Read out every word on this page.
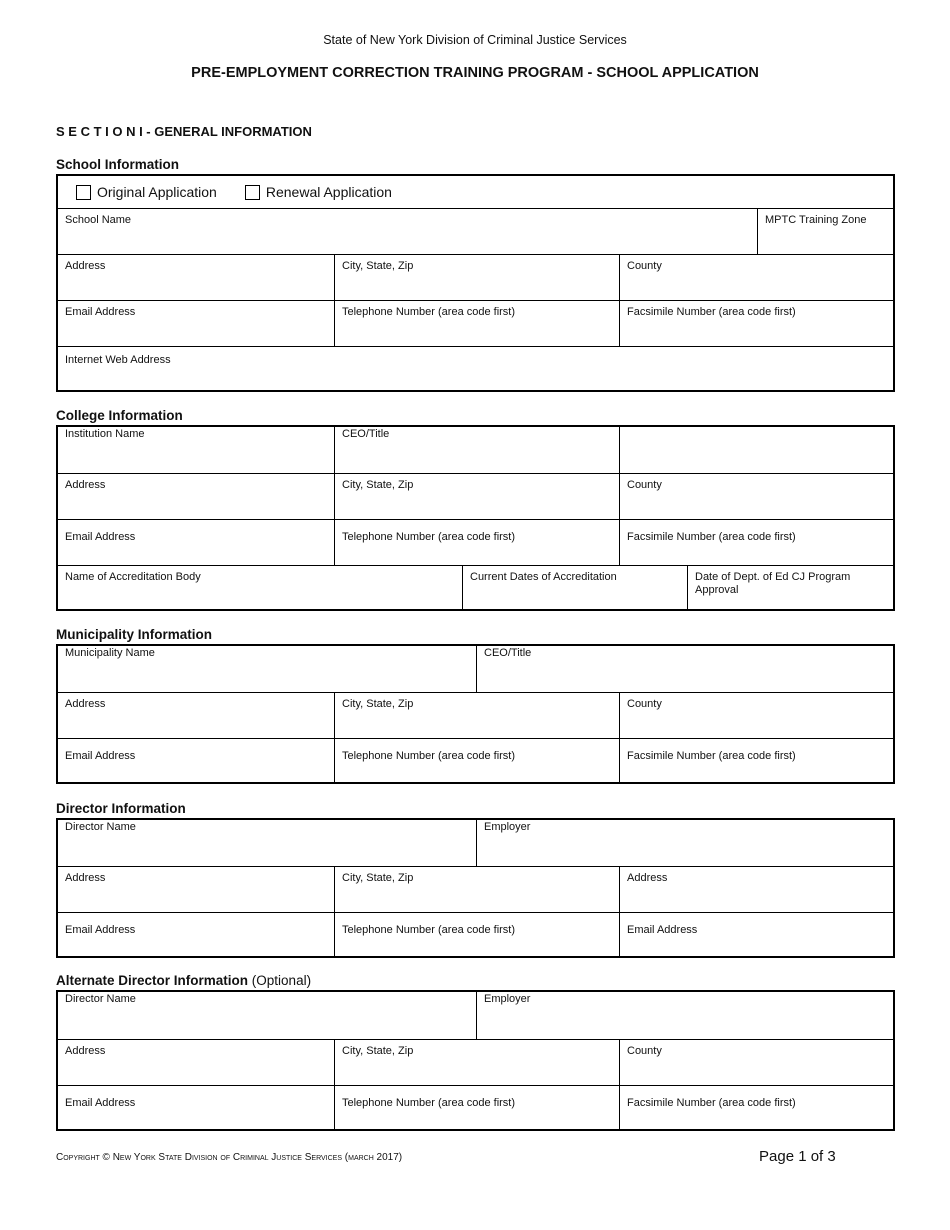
State of New York Division of Criminal Justice Services
PRE-EMPLOYMENT CORRECTION TRAINING PROGRAM - SCHOOL APPLICATION
S E C T I O N I - GENERAL INFORMATION
School Information
Original Application	Renewal Application
School Name	MPTC Training Zone
Address	City, State, Zip	County
Email Address	Telephone Number (area code first)	Facsimile Number (area code first)
Internet Web Address
College Information
Institution Name	CEO/Title
Address	City, State, Zip	County
Email Address	Telephone Number (area code first)	Facsimile Number (area code first)
Name of Accreditation Body	Current Dates of Accreditation	Date of Dept. of Ed CJ Program Approval
Municipality Information
Municipality Name	CEO/Title
Address	City, State, Zip	County
Email Address	Telephone Number (area code first)	Facsimile Number (area code first)
Director Information
Director Name	Employer
Address	City, State, Zip	Address
Email Address	Telephone Number (area code first)	Email Address
Alternate Director Information (Optional)
Director Name	Employer
Address	City, State, Zip	County
Email Address	Telephone Number (area code first)	Facsimile Number (area code first)
Copyright © New York State Division of Criminal Justice Services (march 2017)	Page 1 of 3
